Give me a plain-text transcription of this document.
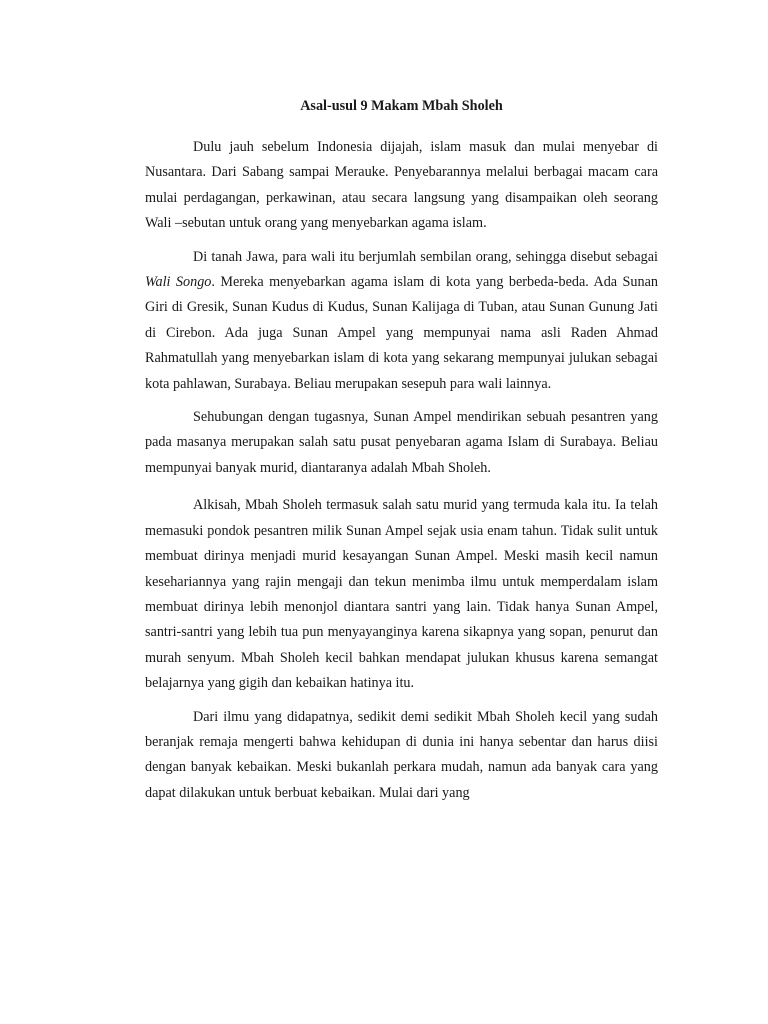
Asal-usul 9 Makam Mbah Sholeh

Dulu jauh sebelum Indonesia dijajah, islam masuk dan mulai menyebar di Nusantara. Dari Sabang sampai Merauke. Penyebarannya melalui berbagai macam cara mulai perdagangan, perkawinan, atau secara langsung yang disampaikan oleh seorang Wali –sebutan untuk orang yang menyebarkan agama islam.

Di tanah Jawa, para wali itu berjumlah sembilan orang, sehingga disebut sebagai Wali Songo. Mereka menyebarkan agama islam di kota yang berbeda-beda. Ada Sunan Giri di Gresik, Sunan Kudus di Kudus, Sunan Kalijaga di Tuban, atau Sunan Gunung Jati di Cirebon. Ada juga Sunan Ampel yang mempunyai nama asli Raden Ahmad Rahmatullah yang menyebarkan islam di kota yang sekarang mempunyai julukan sebagai kota pahlawan, Surabaya. Beliau merupakan sesepuh para wali lainnya.

Sehubungan dengan tugasnya, Sunan Ampel mendirikan sebuah pesantren yang pada masanya merupakan salah satu pusat penyebaran agama Islam di Surabaya. Beliau mempunyai banyak murid, diantaranya adalah Mbah Sholeh.

Alkisah, Mbah Sholeh termasuk salah satu murid yang termuda kala itu. Ia telah memasuki pondok pesantren milik Sunan Ampel sejak usia enam tahun. Tidak sulit untuk membuat dirinya menjadi murid kesayangan Sunan Ampel. Meski masih kecil namun kesehariannya yang rajin mengaji dan tekun menimba ilmu untuk memperdalam islam membuat dirinya lebih menonjol diantara santri yang lain. Tidak hanya Sunan Ampel, santri-santri yang lebih tua pun menyayanginya karena sikapnya yang sopan, penurut dan murah senyum. Mbah Sholeh kecil bahkan mendapat julukan khusus karena semangat belajarnya yang gigih dan kebaikan hatinya itu.

Dari ilmu yang didapatnya, sedikit demi sedikit Mbah Sholeh kecil yang sudah beranjak remaja mengerti bahwa kehidupan di dunia ini hanya sebentar dan harus diisi dengan banyak kebaikan. Meski bukanlah perkara mudah, namun ada banyak cara yang dapat dilakukan untuk berbuat kebaikan. Mulai dari yang
